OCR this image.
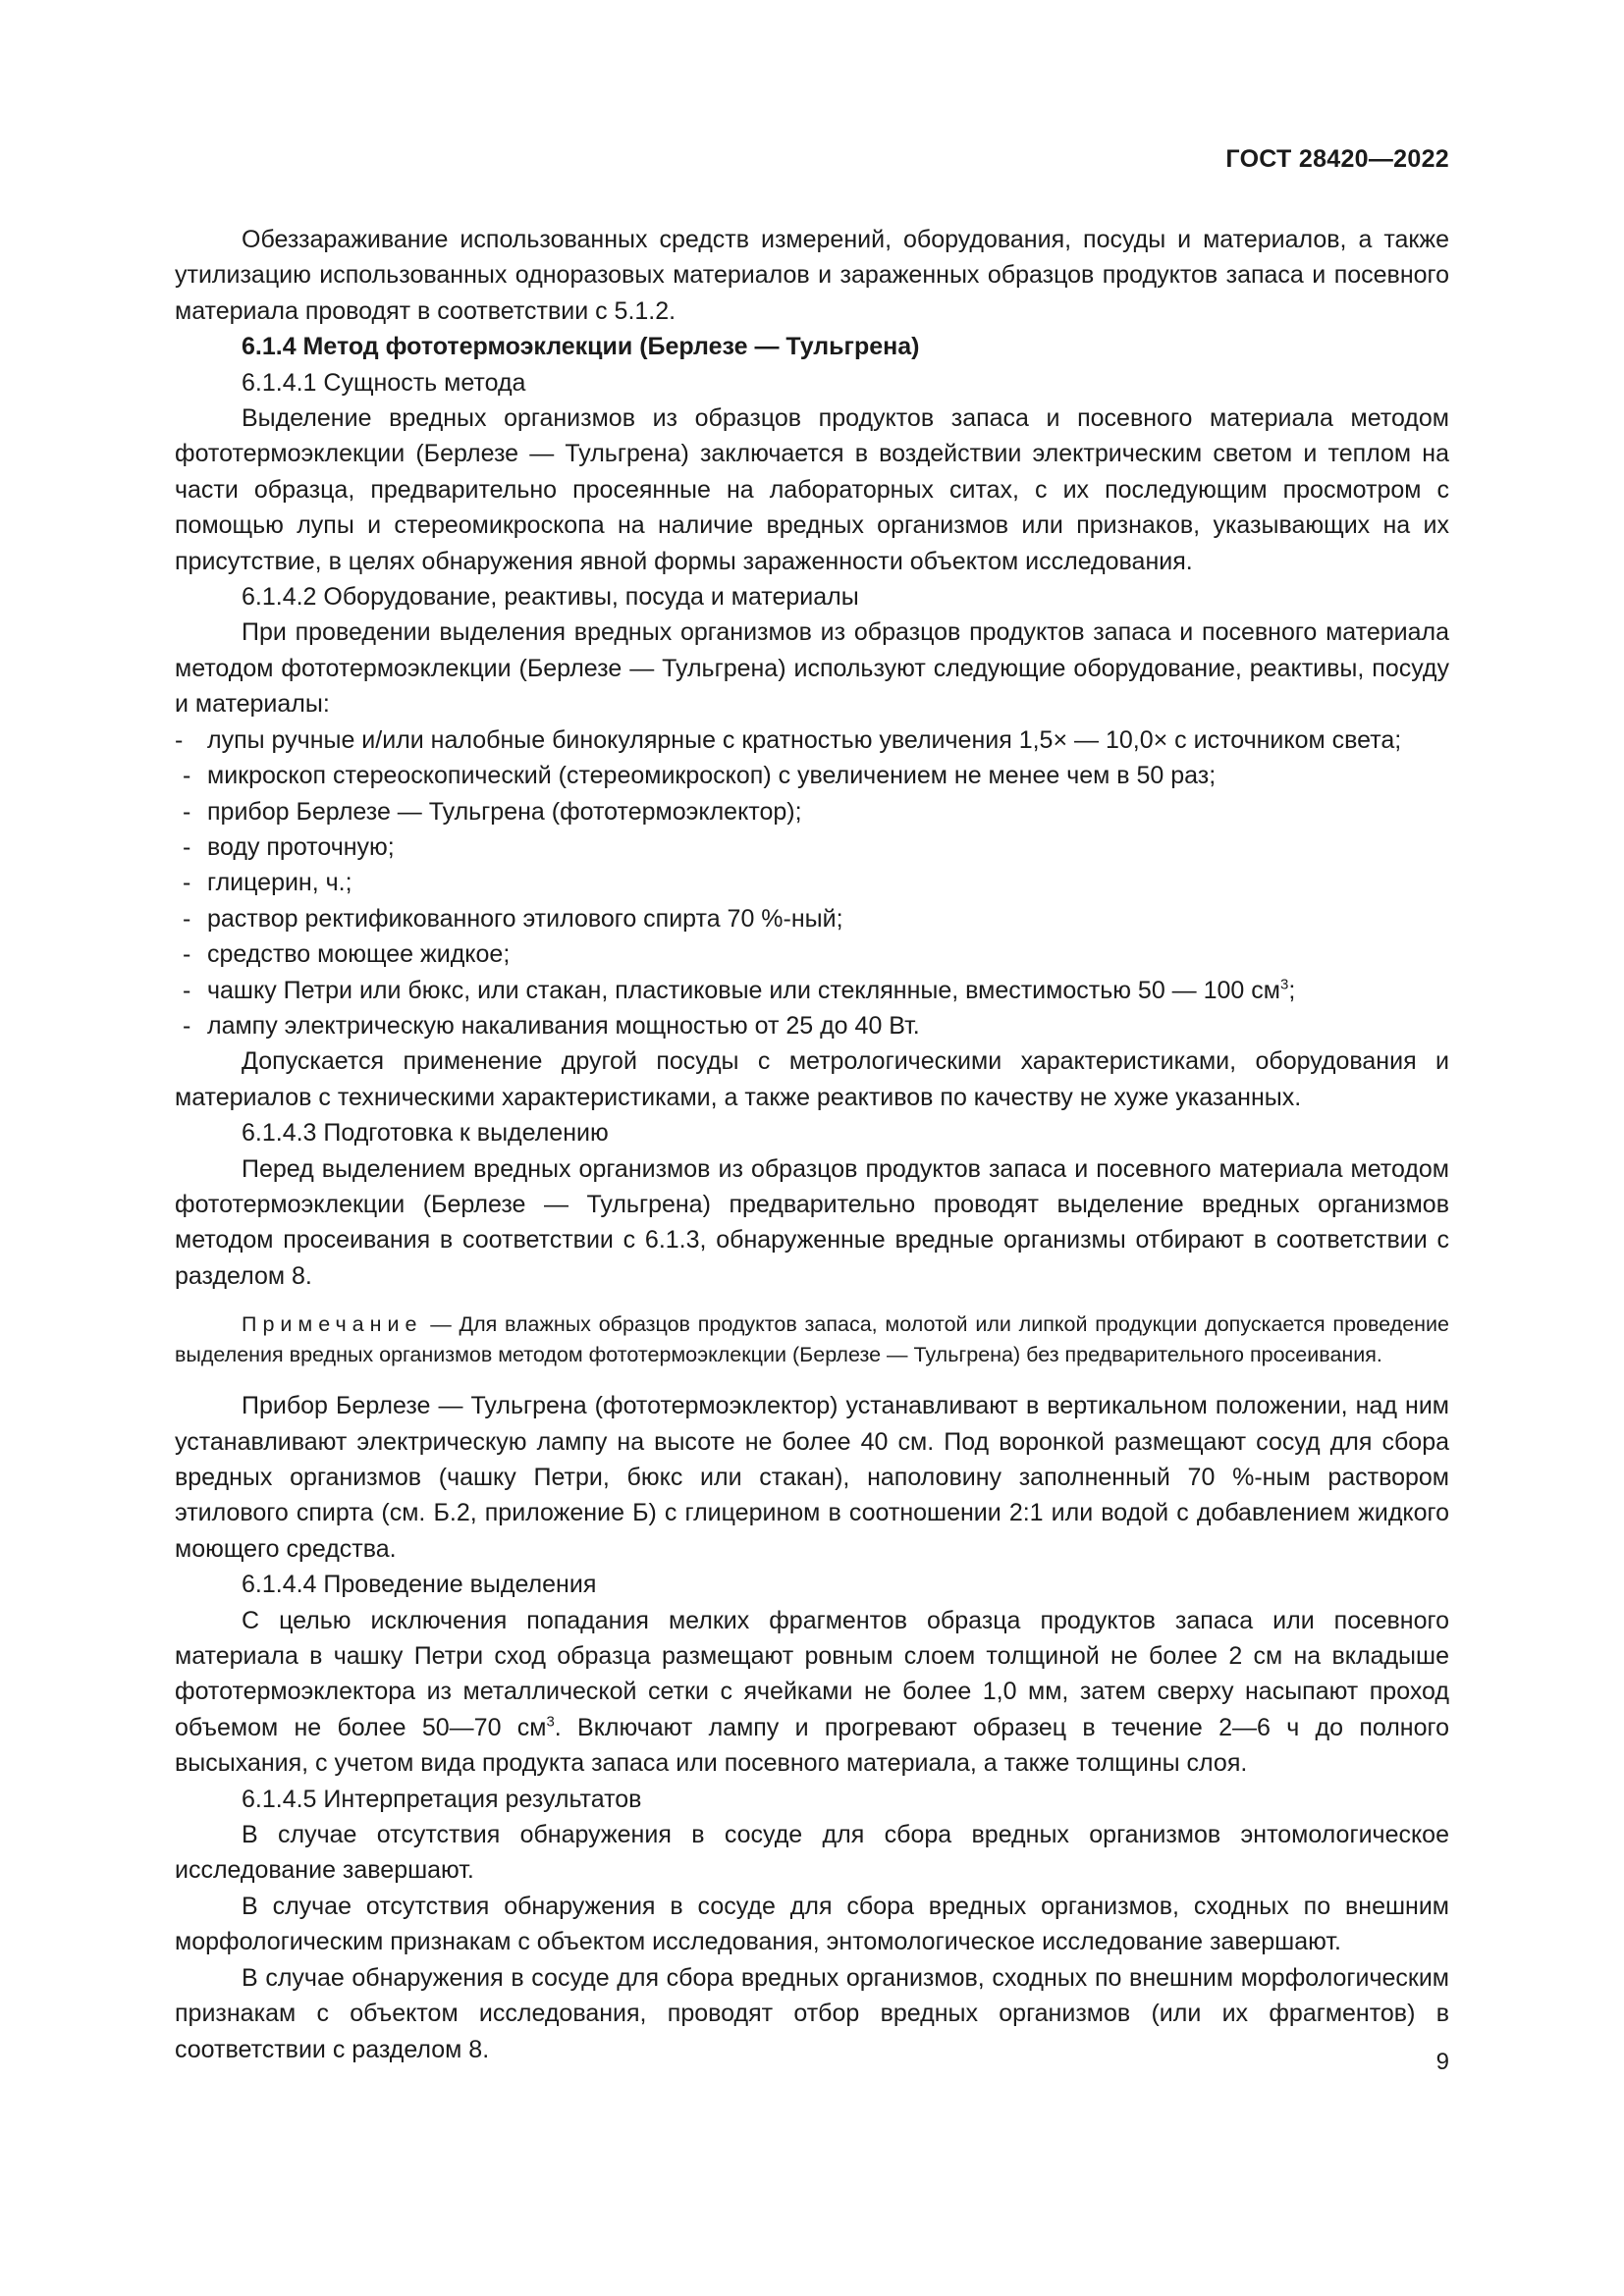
ГОСТ 28420—2022

Обеззараживание использованных средств измерений, оборудования, посуды и материалов, а также утилизацию использованных одноразовых материалов и зараженных образцов продуктов запаса и посевного материала проводят в соответствии с 5.1.2.

6.1.4 Метод фототермоэклекции (Берлезе — Тульгрена)

6.1.4.1 Сущность метода

Выделение вредных организмов из образцов продуктов запаса и посевного материала методом фототермоэклекции (Берлезе — Тульгрена) заключается в воздействии электрическим светом и теплом на части образца, предварительно просеянные на лабораторных ситах, с их последующим просмотром с помощью лупы и стереомикроскопа на наличие вредных организмов или признаков, указывающих на их присутствие, в целях обнаружения явной формы зараженности объектом исследования.

6.1.4.2 Оборудование, реактивы, посуда и материалы

При проведении выделения вредных организмов из образцов продуктов запаса и посевного материала методом фототермоэклекции (Берлезе — Тульгрена) используют следующие оборудование, реактивы, посуду и материалы:

- лупы ручные и/или налобные бинокулярные с кратностью увеличения 1,5× — 10,0× с источником света;

- микроскоп стереоскопический (стереомикроскоп) с увеличением не менее чем в 50 раз;

- прибор Берлезе — Тульгрена (фототермоэклектор);

- воду проточную;

- глицерин, ч.;

- раствор ректификованного этилового спирта 70 %-ный;

- средство моющее жидкое;

- чашку Петри или бюкс, или стакан, пластиковые или стеклянные, вместимостью 50 — 100 $см^3$;

- лампу электрическую накаливания мощностью от 25 до 40 Вт.

Допускается применение другой посуды с метрологическими характеристиками, оборудования и материалов с техническими характеристиками, а также реактивов по качеству не хуже указанных.

6.1.4.3 Подготовка к выделению

Перед выделением вредных организмов из образцов продуктов запаса и посевного материала методом фототермоэклекции (Берлезе — Тульгрена) предварительно проводят выделение вредных организмов методом просеивания в соответствии с 6.1.3, обнаруженные вредные организмы отбирают в соответствии с разделом 8.

Примечание — Для влажных образцов продуктов запаса, молотой или липкой продукции допускается проведение выделения вредных организмов методом фототермоэклекции (Берлезе — Тульгрена) без предварительного просеивания.

Прибор Берлезе — Тульгрена (фототермоэклектор) устанавливают в вертикальном положении, над ним устанавливают электрическую лампу на высоте не более 40 см. Под воронкой размещают сосуд для сбора вредных организмов (чашку Петри, бюкс или стакан), наполовину заполненный 70 %-ным раствором этилового спирта (см. Б.2, приложение Б) с глицерином в соотношении 2:1 или водой с добавлением жидкого моющего средства.

6.1.4.4 Проведение выделения

С целью исключения попадания мелких фрагментов образца продуктов запаса или посевного материала в чашку Петри сход образца размещают ровным слоем толщиной не более 2 см на вкладыше фототермоэклектора из металлической сетки с ячейками не более 1,0 мм, затем сверху насыпают проход объемом не более 50—70 $см^3$. Включают лампу и прогревают образец в течение 2—6 ч до полного высыхания, с учетом вида продукта запаса или посевного материала, а также толщины слоя.

6.1.4.5 Интерпретация результатов

В случае отсутствия обнаружения в сосуде для сбора вредных организмов энтомологическое исследование завершают.

В случае отсутствия обнаружения в сосуде для сбора вредных организмов, сходных по внешним морфологическим признакам с объектом исследования, энтомологическое исследование завершают.

В случае обнаружения в сосуде для сбора вредных организмов, сходных по внешним морфологическим признакам с объектом исследования, проводят отбор вредных организмов (или их фрагментов) в соответствии с разделом 8.	9
